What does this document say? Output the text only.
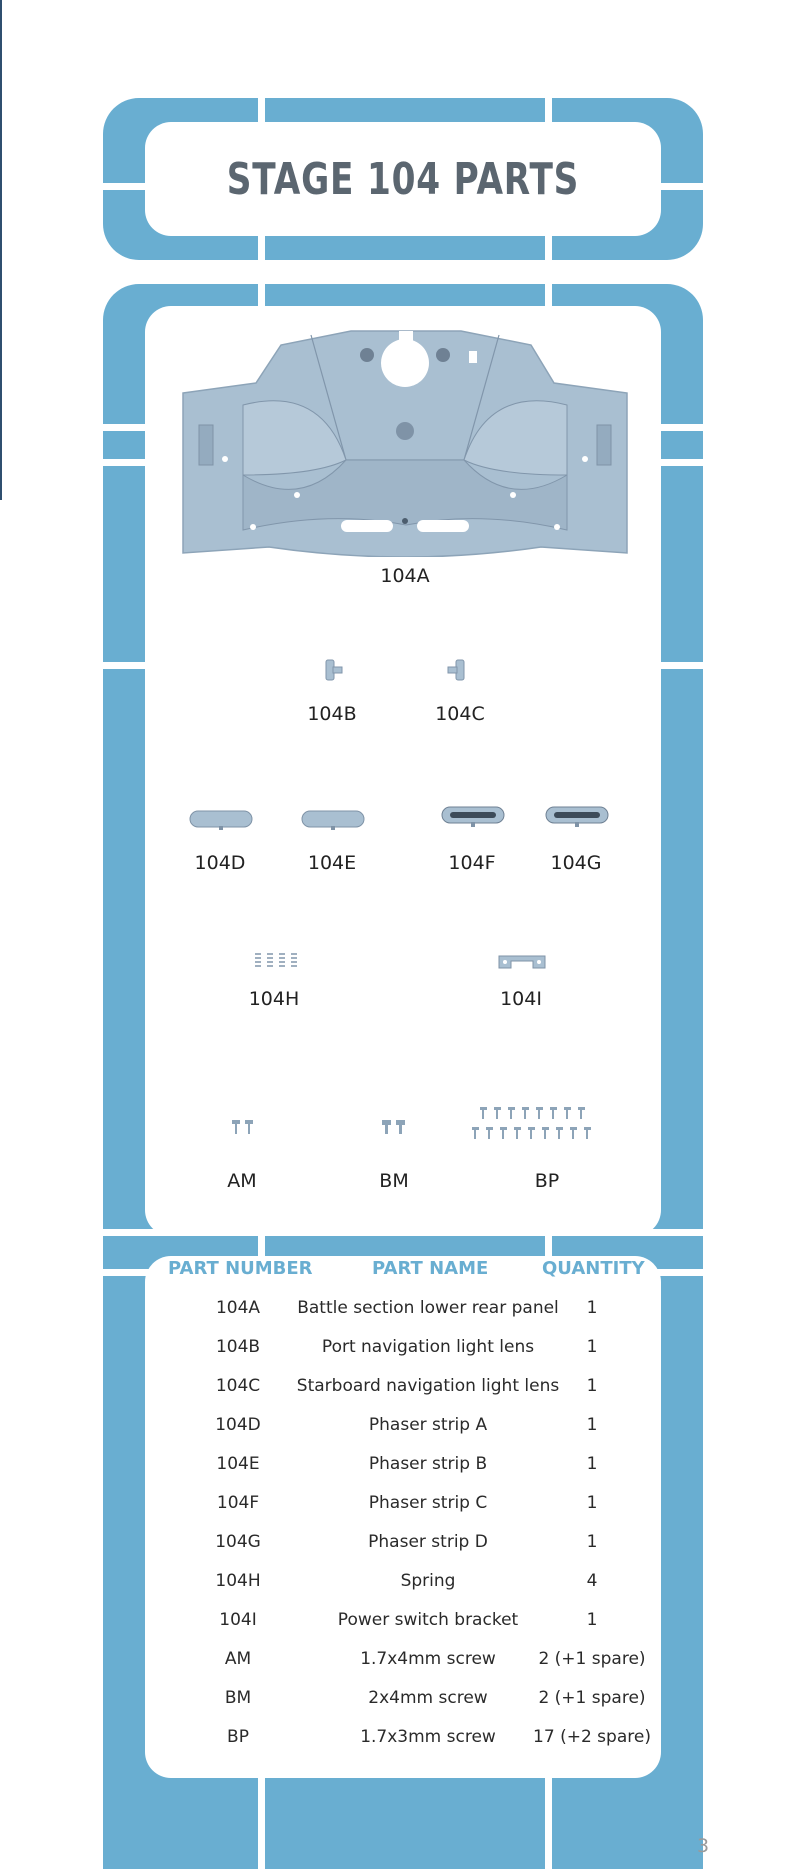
STAGE 104 PARTS
104A
104B	104C
104D	104E	104F	104G
104H	104I
AM	BM	BP
PART NUMBER	PART NAME	QUANTITY
104A Battle section lower rear panel 1
104B	Port navigation light lens	1
104C Starboard navigation light lens 1
104D	Phaser strip A	1
104E	Phaser strip B	1
104F	Phaser strip C	1
104G	Phaser strip D	1
104H	Spring	4
104I	Power switch bracket	1
AM	1.7x4mm screw	2 (+1 spare)
BM	2x4mm screw	2 (+1 spare)
BP	1.7x3mm screw 17 (+2 spare)
3
